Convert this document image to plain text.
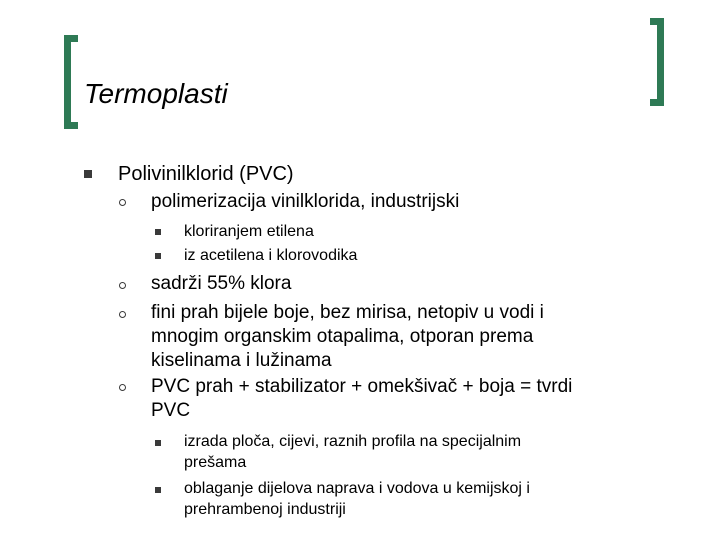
Termoplasti
Polivinilklorid (PVC)
polimerizacija vinilklorida, industrijski
kloriranjem etilena
iz acetilena i klorovodika
sadrži 55% klora
fini prah bijele boje, bez mirisa, netopiv u vodi i
mnogim organskim otapalima, otporan prema
kiselinama i lužinama
PVC prah + stabilizator + omekšivač + boja = tvrdi
PVC
izrada ploča, cijevi, raznih profila na specijalnim
prešama
oblaganje dijelova naprava i vodova u kemijskoj i
prehrambenoj industriji
